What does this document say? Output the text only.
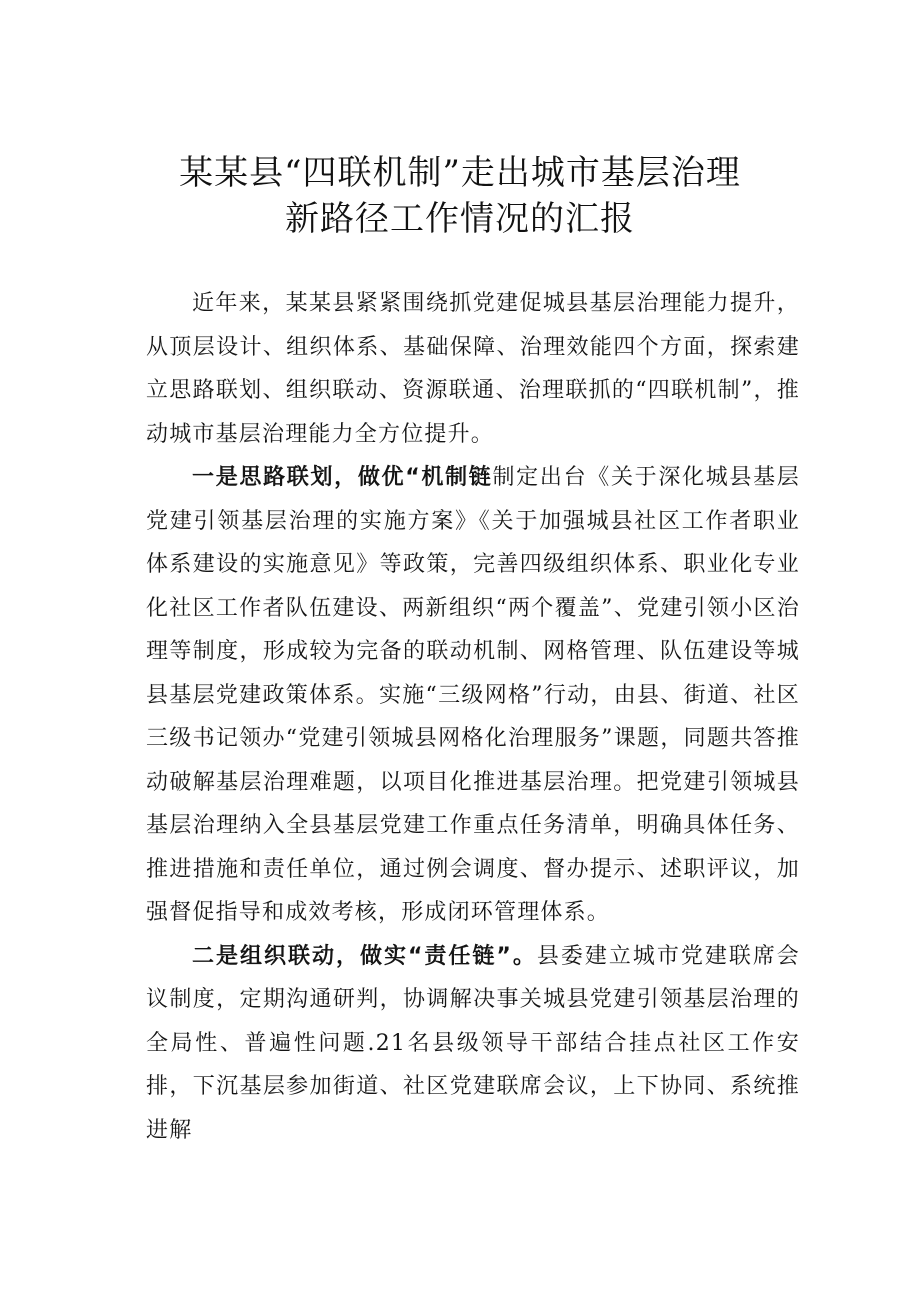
某某县“四联机制”走出城市基层治理
新路径工作情况的汇报

近年来，某某县紧紧围绕抓党建促城县基层治理能力提升，从顶层设计、组织体系、基础保障、治理效能四个方面，探索建立思路联划、组织联动、资源联通、治理联抓的“四联机制”，推动城市基层治理能力全方位提升。

一是思路联划，做优“机制链制定出台《关于深化城县基层党建引领基层治理的实施方案》《关于加强城县社区工作者职业体系建设的实施意见》等政策，完善四级组织体系、职业化专业化社区工作者队伍建设、两新组织“两个覆盖”、党建引领小区治理等制度，形成较为完备的联动机制、网格管理、队伍建设等城县基层党建政策体系。实施“三级网格”行动，由县、街道、社区三级书记领办“党建引领城县网格化治理服务”课题，同题共答推动破解基层治理难题，以项目化推进基层治理。把党建引领城县基层治理纳入全县基层党建工作重点任务清单，明确具体任务、推进措施和责任单位，通过例会调度、督办提示、述职评议，加强督促指导和成效考核，形成闭环管理体系。

二是组织联动，做实“责任链”。县委建立城市党建联席会议制度，定期沟通研判，协调解决事关城县党建引领基层治理的全局性、普遍性问题.21名县级领导干部结合挂点社区工作安排，下沉基层参加街道、社区党建联席会议，上下协同、系统推进解
